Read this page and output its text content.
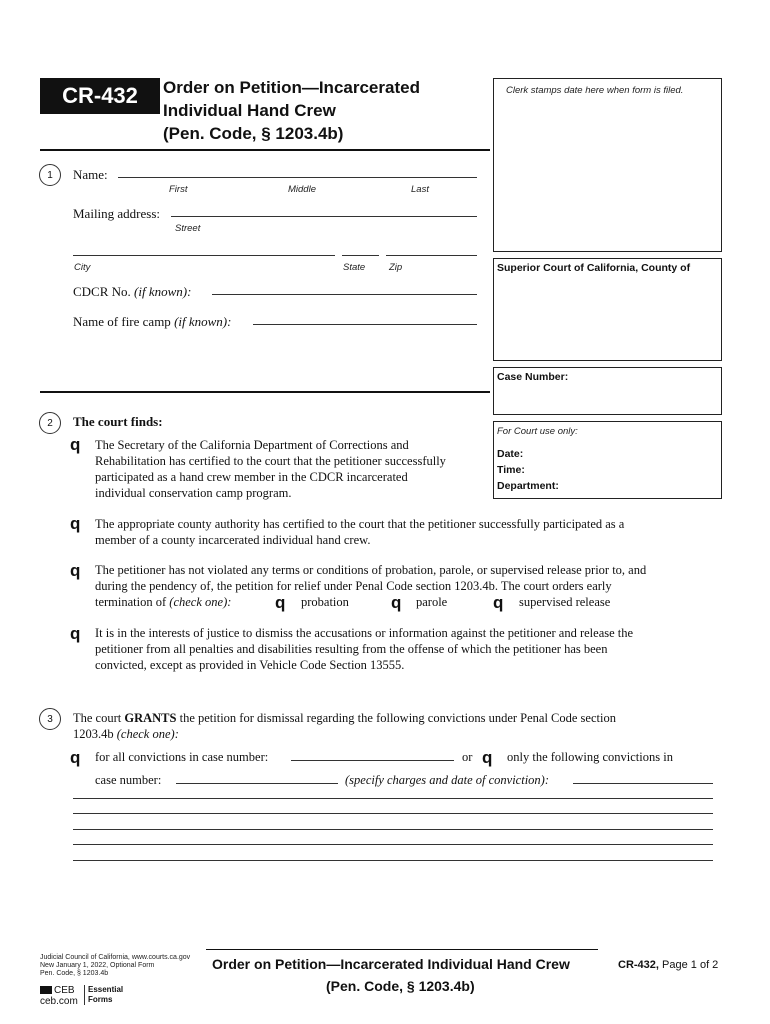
CR-432	Order on Petition—Incarcerated
Individual Hand Crew
(Pen. Code, § 1203.4b)
Clerk stamps date here when form is filed.
Superior Court of California, County of
Case Number:
For Court use only:
Date:
Time:
Department:
1	Name:
First	Middle	Last
Mailing address:
Street
City	State	Zip
CDCR No. (if known):
Name of fire camp (if known):
2	The court finds:
q The Secretary of the California Department of Corrections and
Rehabilitation has certified to the court that the petitioner successfully
participated as a hand crew member in the CDCR incarcerated
individual conservation camp program.
q The appropriate county authority has certified to the court that the petitioner successfully participated as a
member of a county incarcerated individual hand crew.
q The petitioner has not violated any terms or conditions of probation, parole, or supervised release prior to, and
during the pendency of, the petition for relief under Penal Code section 1203.4b. The court orders early
termination of (check one):	q probation q parole	q supervised release
q It is in the interests of justice to dismiss the accusations or information against the petitioner and release the
petitioner from all penalties and disabilities resulting from the offense of which the petitioner has been
convicted, except as provided in Vehicle Code Section 13555.
3	The court GRANTS the petition for dismissal regarding the following convictions under Penal Code section
1203.4b (check one):
q for all convictions in case number:	or q only the following convictions in
case number:	(specify charges and date of conviction):
Judicial Council of California, www.courts.ca.gov
New January 1, 2022, Optional Form
Pen. Code, § 1203.4b
CEB
ceb.com
Essential
Forms
Order on Petition—Incarcerated Individual Hand Crew
(Pen. Code, § 1203.4b)
CR-432, Page 1 of 2
